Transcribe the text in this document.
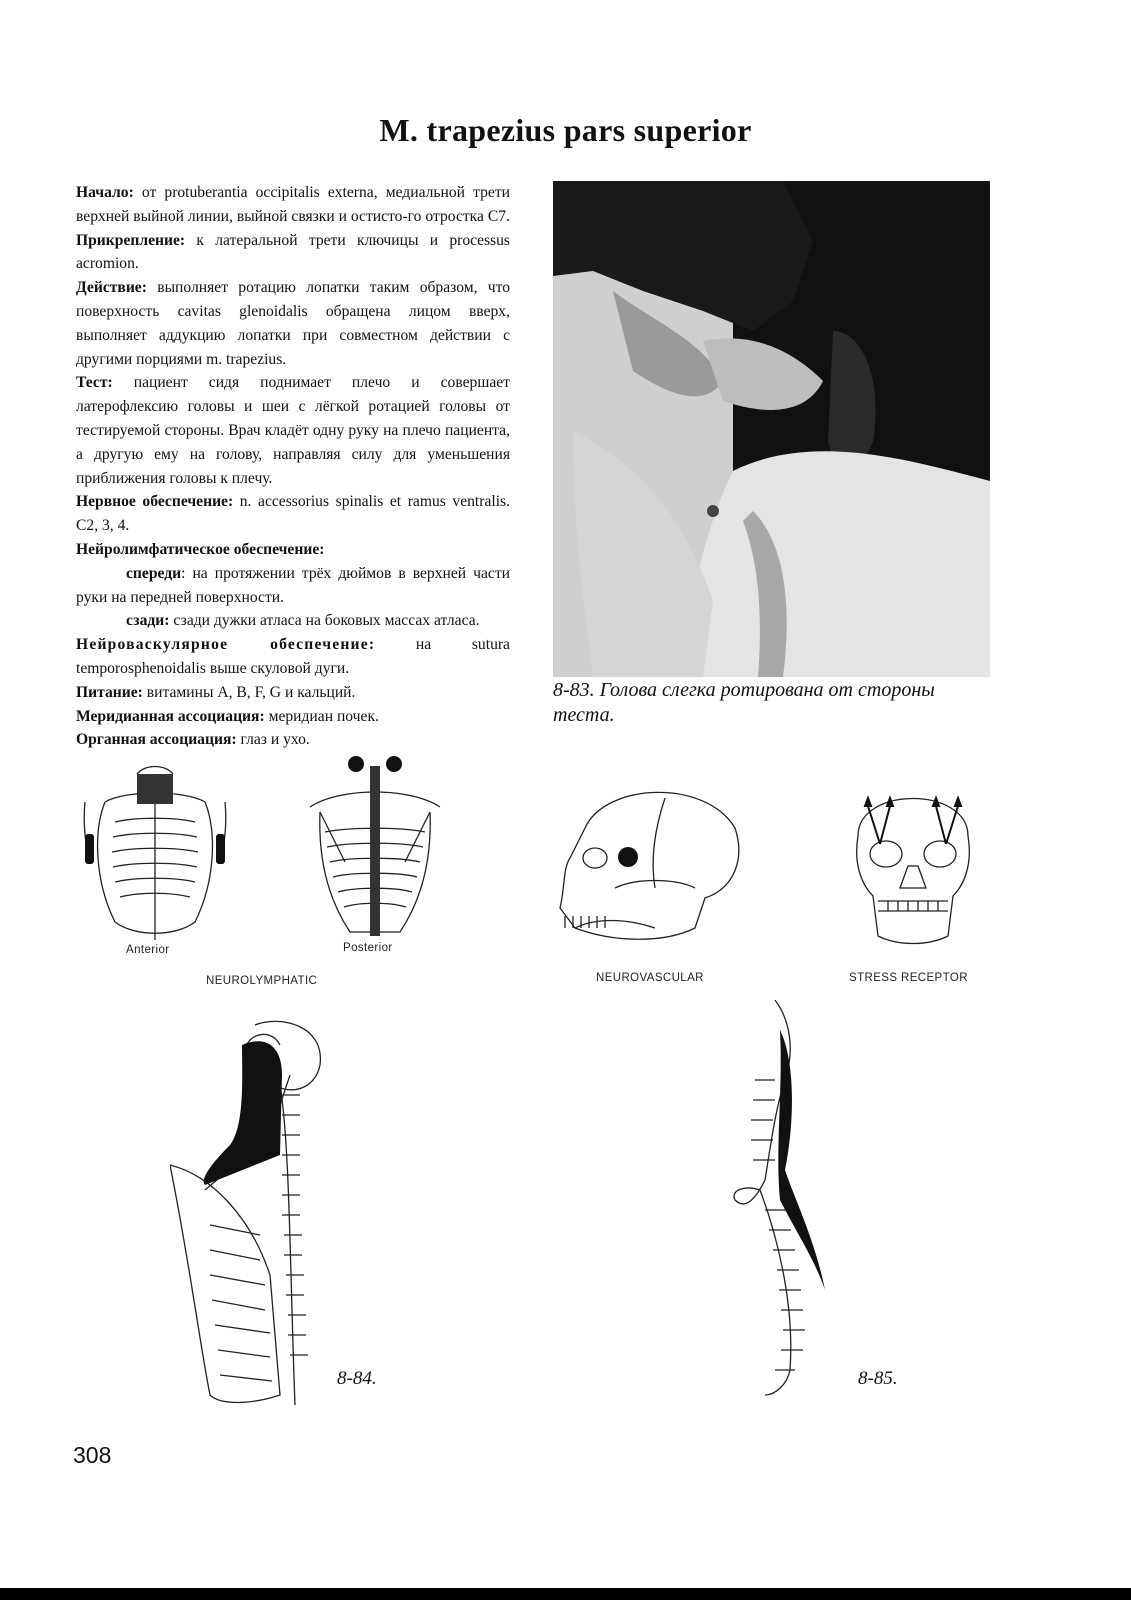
M. trapezius pars superior

Начало: от protuberantia occipitalis externa, медиальной трети верхней выйной линии, выйной связки и остисто-го отростка С7.

Прикрепление: к латеральной трети ключицы и processus acromion.

Действие: выполняет ротацию лопатки таким образом, что поверхность cavitas glenoidalis обращена лицом вверх, выполняет аддукцию лопатки при совместном действии с другими порциями m. trapezius.

Тест: пациент сидя поднимает плечо и совершает латерофлексию головы и шеи с лёгкой ротацией головы от тестируемой стороны. Врач кладёт одну руку на плечо пациента, а другую ему на голову, направляя силу для уменьшения приближения головы к плечу.

Нервное обеспечение: n. accessorius spinalis et ramus ventralis. C2, 3, 4.

Нейролимфатическое обеспечение:

спереди: на протяжении трёх дюймов в верхней части руки на передней поверхности.

сзади: сзади дужки атласа на боковых массах атласа.

Нейроваскулярное обеспечение: на sutura temporosphenoidalis выше скуловой дуги.

Питание: витамины A, B, F, G и кальций.

Меридианная ассоциация: меридиан почек.

Органная ассоциация: глаз и ухо.

8-83. Голова слегка ротирована от стороны теста.
Anterior	Posterior
NEUROLYMPHATIC	NEUROVASCULAR	STRESS RECEPTOR
8-84.	8-85.
308
